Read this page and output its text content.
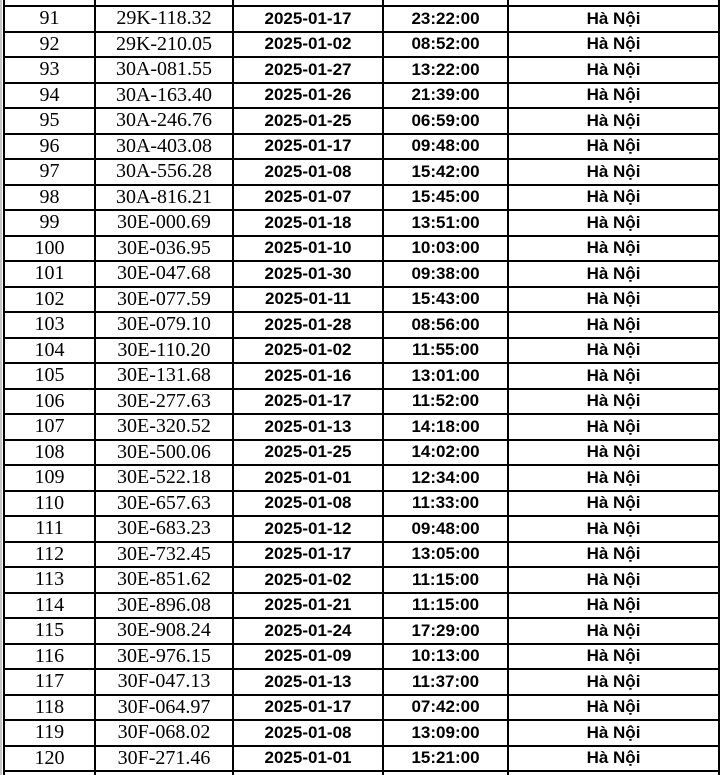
91	29K-118.32	2025-01-17	23:22:00	Hà Nội
92	29K-210.05	2025-01-02	08:52:00	Hà Nội
93	30A-081.55	2025-01-27	13:22:00	Hà Nội
94	30A-163.40	2025-01-26	21:39:00	Hà Nội
95	30A-246.76	2025-01-25	06:59:00	Hà Nội
96	30A-403.08	2025-01-17	09:48:00	Hà Nội
97	30A-556.28	2025-01-08	15:42:00	Hà Nội
98	30A-816.21	2025-01-07	15:45:00	Hà Nội
99	30E-000.69	2025-01-18	13:51:00	Hà Nội
100	30E-036.95	2025-01-10	10:03:00	Hà Nội
101	30E-047.68	2025-01-30	09:38:00	Hà Nội
102	30E-077.59	2025-01-11	15:43:00	Hà Nội
103	30E-079.10	2025-01-28	08:56:00	Hà Nội
104	30E-110.20	2025-01-02	11:55:00	Hà Nội
105	30E-131.68	2025-01-16	13:01:00	Hà Nội
106	30E-277.63	2025-01-17	11:52:00	Hà Nội
107	30E-320.52	2025-01-13	14:18:00	Hà Nội
108	30E-500.06	2025-01-25	14:02:00	Hà Nội
109	30E-522.18	2025-01-01	12:34:00	Hà Nội
110	30E-657.63	2025-01-08	11:33:00	Hà Nội
111	30E-683.23	2025-01-12	09:48:00	Hà Nội
112	30E-732.45	2025-01-17	13:05:00	Hà Nội
113	30E-851.62	2025-01-02	11:15:00	Hà Nội
114	30E-896.08	2025-01-21	11:15:00	Hà Nội
115	30E-908.24	2025-01-24	17:29:00	Hà Nội
116	30E-976.15	2025-01-09	10:13:00	Hà Nội
117	30F-047.13	2025-01-13	11:37:00	Hà Nội
118	30F-064.97	2025-01-17	07:42:00	Hà Nội
119	30F-068.02	2025-01-08	13:09:00	Hà Nội
120	30F-271.46	2025-01-01	15:21:00	Hà Nội
